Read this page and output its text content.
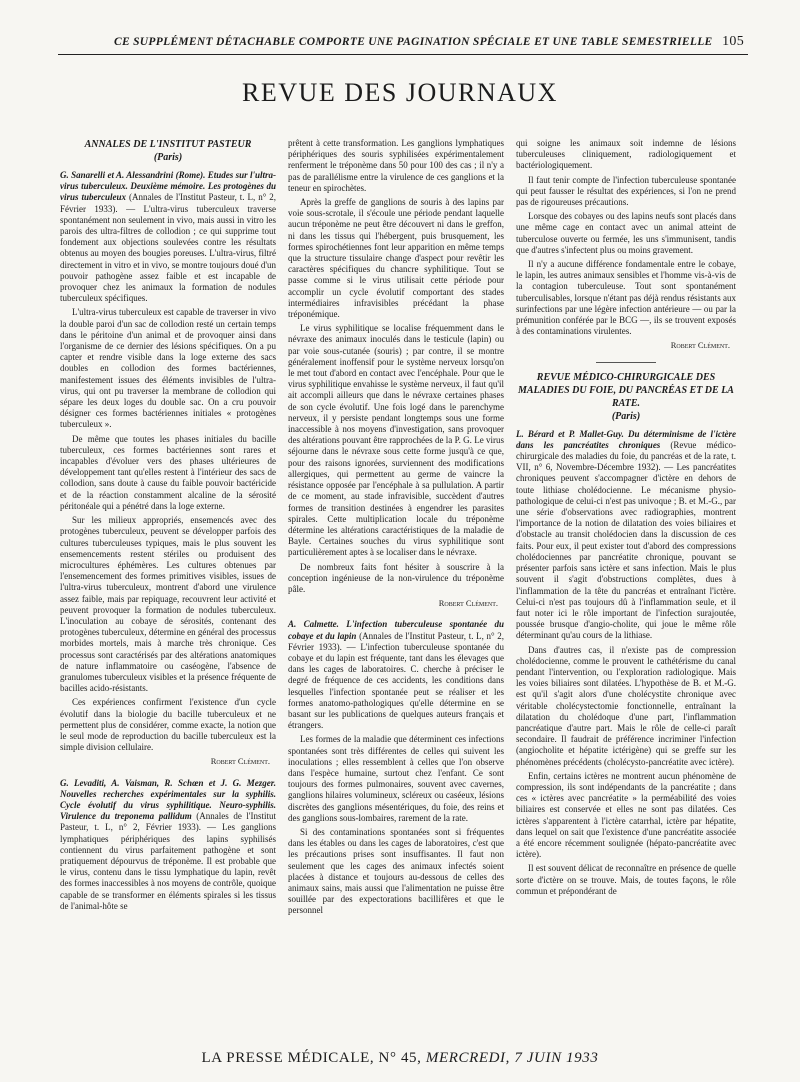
CE SUPPLÉMENT DÉTACHABLE COMPORTE UNE PAGINATION SPÉCIALE ET UNE TABLE SEMESTRIELLE 105
REVUE DES JOURNAUX
ANNALES DE L'INSTITUT PASTEUR
(Paris)

G. Sanarelli et A. Alessandrini (Rome). Etudes sur l'ultra-virus tuberculeux. Deuxième mémoire. Les protogènes du virus tuberculeux (Annales de l'Institut Pasteur, t. L, n° 2, Février 1933). — L'ultra-virus tuberculeux traverse spontanément non seulement in vivo, mais aussi in vitro les parois des ultra-filtres de collodion ; ce qui supprime tout fondement aux objections soulevées contre les résultats obtenus au moyen des bougies poreuses. L'ultra-virus, filtré directement in vitro et in vivo, se montre toujours doué d'un pouvoir pathogène assez faible et est incapable de provoquer chez les animaux la formation de nodules tuberculeux spécifiques.

L'ultra-virus tuberculeux est capable de traverser in vivo la double paroi d'un sac de collodion resté un certain temps dans le péritoine d'un animal et de provoquer ainsi dans l'organisme de ce dernier des lésions spécifiques. On a pu capter et rendre visible dans la loge externe des sacs doubles en collodion des formes bactériennes, manifestement issues des éléments invisibles de l'ultra-virus, qui ont pu traverser la membrane de collodion qui sépare les deux loges du double sac. On a cru pouvoir désigner ces formes bactériennes initiales « protogènes tuberculeux ».

De même que toutes les phases initiales du bacille tuberculeux, ces formes bactériennes sont rares et incapables d'évoluer vers des phases ultérieures de développement tant qu'elles restent à l'intérieur des sacs de collodion, sans doute à cause du faible pouvoir bactéricide et de la réaction constamment alcaline de la sérosité péritonéale qui a pénétré dans la loge externe.

Sur les milieux appropriés, ensemencés avec des protogènes tuberculeux, peuvent se développer parfois des cultures tuberculeuses typiques, mais le plus souvent les ensemencements restent stériles ou produisent des microcultures éphémères. Les cultures obtenues par l'ensemencement des formes primitives visibles, issues de l'ultra-virus tuberculeux, montrent d'abord une virulence assez faible, mais par repiquage, recouvrent leur activité et peuvent provoquer la formation de nodules tuberculeux. L'inoculation au cobaye de sérosités, contenant des protogènes tuberculeux, détermine en général des processus morbides mortels, mais à marche très chronique. Ces processus sont caractérisés par des altérations anatomiques de nature inflammatoire ou caséogène, l'absence de granulomes tuberculeux visibles et la présence fréquente de bacilles acido-résistants.

Ces expériences confirment l'existence d'un cycle évolutif dans la biologie du bacille tuberculeux et ne permettent plus de considérer, comme exacte, la notion que le seul mode de reproduction du bacille tuberculeux est la simple division cellulaire.

Robert Clément.

G. Levaditi, A. Vaisman, R. Schœn et J. G. Mezger. Nouvelles recherches expérimentales sur la syphilis. Cycle évolutif du virus syphilitique. Neuro-syphilis. Virulence du treponema pallidum (Annales de l'Institut Pasteur, t. L, n° 2, Février 1933). — Les ganglions lymphatiques périphériques des lapins syphilisés contiennent du virus parfaitement pathogène et sont pratiquement dépourvus de tréponème. Il est probable que le virus, contenu dans le tissu lymphatique du lapin, revêt des formes inaccessibles à nos moyens de contrôle, quoique capable de se transformer en éléments spirales si les tissus de l'animal-hôte se

prêtent à cette transformation. Les ganglions lymphatiques périphériques des souris syphilisées expérimentalement renferment le tréponème dans 50 pour 100 des cas ; il n'y a pas de parallélisme entre la virulence de ces ganglions et la teneur en spirochètes.

Après la greffe de ganglions de souris à des lapins par voie sous-scrotale, il s'écoule une période pendant laquelle aucun tréponème ne peut être découvert ni dans le greffon, ni dans les tissus qui l'hébergent, puis brusquement, les formes spirochétiennes font leur apparition en même temps que la structure tissulaire change d'aspect pour revêtir les caractères spécifiques du chancre syphilitique. Tout se passe comme si le virus utilisait cette période pour accomplir un cycle évolutif comportant des stades intermédiaires infravisibles précédant la phase tréponémique.

Le virus syphilitique se localise fréquemment dans le névraxe des animaux inoculés dans le testicule (lapin) ou par voie sous-cutanée (souris) ; par contre, il se montre généralement inoffensif pour le système nerveux lorsqu'on le met tout d'abord en contact avec l'encéphale. Pour que le virus syphilitique envahisse le système nerveux, il faut qu'il ait accompli ailleurs que dans le névraxe certaines phases de son cycle évolutif. Une fois logé dans le parenchyme nerveux, il y persiste pendant longtemps sous une forme inaccessible à nos moyens d'investigation, sans provoquer des altérations pouvant être rapprochées de la P. G. Le virus séjourne dans le névraxe sous cette forme jusqu'à ce que, pour des raisons ignorées, surviennent des modifications allergiques, qui permettent au germe de vaincre la résistance opposée par l'encéphale à sa pullulation. A partir de ce moment, au stade infravisible, succèdent d'autres formes de transition destinées à engendrer les parasites spirales. Cette multiplication locale du tréponème détermine les altérations caractéristiques de la maladie de Bayle. Certaines souches du virus syphilitique sont particulièrement aptes à se localiser dans le névraxe.

De nombreux faits font hésiter à souscrire à la conception ingénieuse de la non-virulence du tréponème pâle.

Robert Clément.

A. Calmette. L'infection tuberculeuse spontanée du cobaye et du lapin (Annales de l'Institut Pasteur, t. L, n° 2, Février 1933). — L'infection tuberculeuse spontanée du cobaye et du lapin est fréquente, tant dans les élevages que dans les cages de laboratoires. C. cherche à préciser le degré de fréquence de ces accidents, les conditions dans lesquelles l'infection spontanée peut se réaliser et les formes anatomo-pathologiques qu'elle détermine en se basant sur les publications de quelques auteurs français et étrangers.

Les formes de la maladie que déterminent ces infections spontanées sont très différentes de celles qui suivent les inoculations ; elles ressemblent à celles que l'on observe dans l'espèce humaine, surtout chez l'enfant. Ce sont toujours des formes pulmonaires, souvent avec cavernes, ganglions hilaires volumineux, scléreux ou caséeux, lésions discrètes des ganglions mésentériques, du foie, des reins et des ganglions sous-lombaires, rarement de la rate.

Si des contaminations spontanées sont si fréquentes dans les étables ou dans les cages de laboratoires, c'est que les précautions prises sont insuffisantes. Il faut non seulement que les cages des animaux infectés soient placées à distance et toujours au-dessous de celles des animaux sains, mais aussi que l'alimentation ne puisse être souillée par des expectorations bacillifères et que le personnel

qui soigne les animaux soit indemne de lésions tuberculeuses cliniquement, radiologiquement et bactériologiquement.

Il faut tenir compte de l'infection tuberculeuse spontanée qui peut fausser le résultat des expériences, si l'on ne prend pas de rigoureuses précautions.

Lorsque des cobayes ou des lapins neufs sont placés dans une même cage en contact avec un animal atteint de tuberculose ouverte ou fermée, les uns s'immunisent, tandis que d'autres s'infectent plus ou moins gravement.

Il n'y a aucune différence fondamentale entre le cobaye, le lapin, les autres animaux sensibles et l'homme vis-à-vis de la contagion tuberculeuse. Tout sont spontanément tuberculisables, lorsque n'étant pas déjà rendus résistants aux surinfections par une légère infection antérieure — ou par la prémunition conférée par le BCG —, ils se trouvent exposés à des contaminations virulentes.

Robert Clément.
REVUE MÉDICO-CHIRURGICALE DES MALADIES DU FOIE, DU PANCRÉAS ET DE LA RATE.
(Paris)

L. Bérard et P. Mallet-Guy. Du déterminisme de l'ictère dans les pancréatites chroniques (Revue médico-chirurgicale des maladies du foie, du pancréas et de la rate, t. VII, n° 6, Novembre-Décembre 1932). — Les pancréatites chroniques peuvent s'accompagner d'ictère en dehors de toute lithiase cholédocienne. Le mécanisme physio-pathologique de celui-ci n'est pas univoque ; B. et M.-G., par une série d'observations avec radiographies, montrent l'importance de la notion de dilatation des voies biliaires et d'obstacle au transit cholédocien dans la discussion de ces faits. Pour eux, il peut exister tout d'abord des compressions cholédociennes par pancréatite chronique, pouvant se présenter parfois sans ictère et sans infection. Mais le plus souvent il s'agit d'obstructions complètes, dues à l'inflammation de la tête du pancréas et entraînant l'ictère. Celui-ci n'est pas toujours dû à l'inflammation seule, et il faut noter ici le rôle important de l'infection surajoutée, poussée brusque d'angio-cholite, qui joue le même rôle déterminant qu'au cours de la lithiase.

Dans d'autres cas, il n'existe pas de compression cholédocienne, comme le prouvent le cathétérisme du canal pendant l'intervention, ou l'exploration radiologique. Mais les voies biliaires sont dilatées. L'hypothèse de B. et M.-G. est qu'il s'agit alors d'une cholécystite chronique avec véritable cholécystectomie fonctionnelle, entraînant la dilatation du cholédoque d'une part, l'inflammation pancréatique d'autre part. Mais le rôle de celle-ci paraît secondaire. Il faudrait de préférence incriminer l'infection (angiocholite et hépatite ictérigène) qui se greffe sur les phénomènes précédents (cholécysto-pancréatite avec ictère).

Enfin, certains ictères ne montrent aucun phénomène de compression, ils sont indépendants de la pancréatite ; dans ces « ictères avec pancréatite » la perméabilité des voies biliaires est conservée et elles ne sont pas dilatées. Ces ictères s'apparentent à l'ictère catarrhal, ictère par hépatite, dans lequel on sait que l'existence d'une pancréatite associée a été encore récemment soulignée (hépato-pancréatite avec ictère).

Il est souvent délicat de reconnaître en présence de quelle sorte d'ictère on se trouve. Mais, de toutes façons, le rôle commun et prépondérant de

LA PRESSE MÉDICALE, N° 45, MERCREDI, 7 JUIN 1933
